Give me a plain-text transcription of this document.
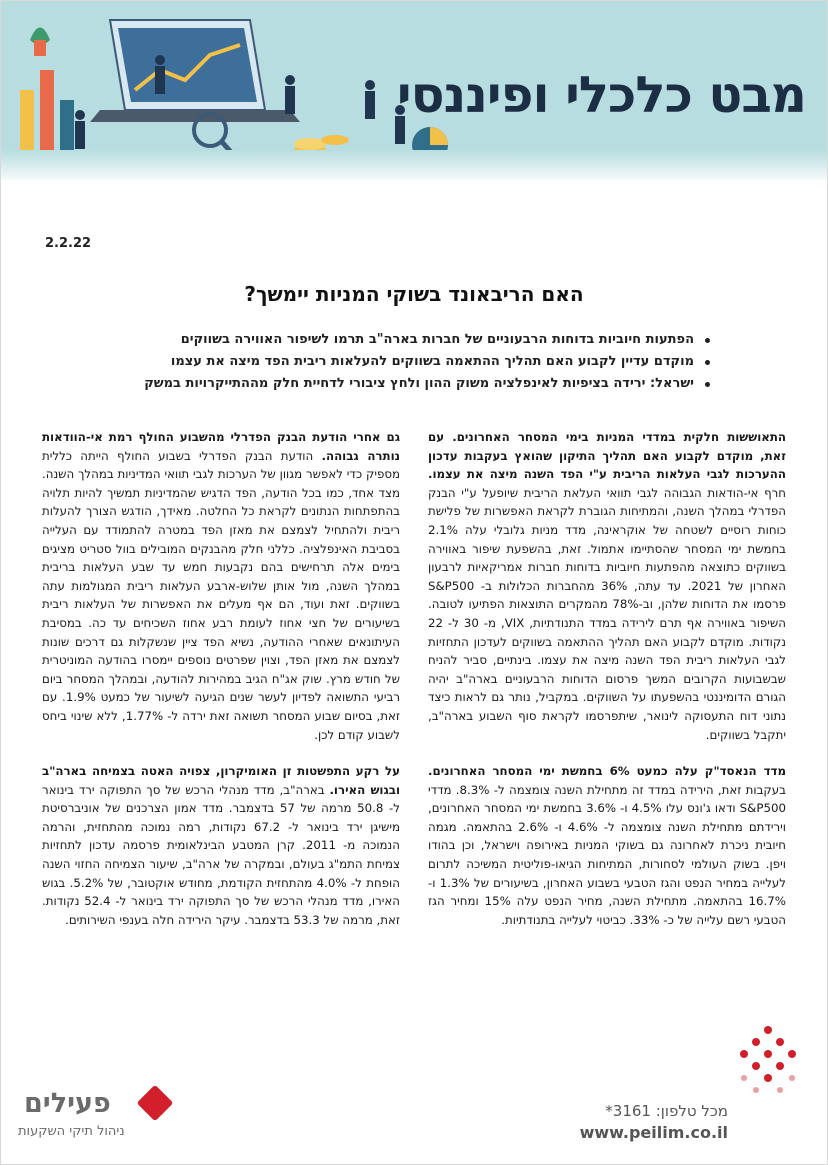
מבט כלכלי ופיננסי
2.2.22
האם הריבאונד בשוקי המניות יימשך?
הפתעות חיוביות בדוחות הרבעוניים של חברות בארה"ב תרמו לשיפור האווירה בשווקים
מוקדם עדיין לקבוע האם תהליך ההתאמה בשווקים להעלאות ריבית הפד מיצה את עצמו
ישראל: ירידה בציפיות לאינפלציה משוק ההון ולחץ ציבורי לדחיית חלק מההתייקרויות במשק

התאוששות חלקית במדדי המניות בימי המסחר האחרונים. עם זאת, מוקדם לקבוע האם תהליך התיקון שהואץ בעקבות עדכון ההערכות לגבי העלאות הריבית ע"י הפד השנה מיצה את עצמו. חרף אי-הודאות הגבוהה לגבי תוואי העלאת הריבית שיופעל ע"י הבנק הפדרלי במהלך השנה, והמתיחות הגוברת לקראת האפשרות של פלישת כוחות רוסיים לשטחה של אוקראינה, מדד מניות גלובלי עלה 2.1% בחמשת ימי המסחר שהסתיימו אתמול. זאת, בהשפעת שיפור באווירה בשווקים כתוצאה מהפתעות חיוביות בדוחות חברות אמריקאיות לרבעון האחרון של 2021. עד עתה, 36% מהחברות הכלולות ב- S&P500 פרסמו את הדוחות שלהן, וב-78% מהמקרים התוצאות הפתיעו לטובה. השיפור באווירה אף תרם לירידה במדד התנודתיות, VIX, מ- 30 ל- 22 נקודות. מוקדם לקבוע האם תהליך ההתאמה בשווקים לעדכון התחזיות לגבי העלאות ריבית הפד השנה מיצה את עצמו. בינתיים, סביר להניח שבשבועות הקרובים המשך פרסום הדוחות הרבעוניים בארה"ב יהיה הגורם הדומיננטי בהשפעתו על השווקים. במקביל, נותר גם לראות כיצד נתוני דוח התעסוקה לינואר, שיתפרסמו לקראת סוף השבוע בארה"ב, יתקבל בשווקים.

מדד הנאסד"ק עלה כמעט 6% בחמשת ימי המסחר האחרונים. בעקבות זאת, הירידה במדד זה מתחילת השנה צומצמה ל- 8.3%. מדדי S&P500 ודאו ג'ונס עלו 4.5% ו- 3.6% בחמשת ימי המסחר האחרונים, וירידתם מתחילת השנה צומצמה ל- 4.6% ו- 2.6% בהתאמה. מגמה חיובית ניכרת לאחרונה גם בשוקי המניות באירופה וישראל, וכן בהודו ויפן. בשוק העולמי לסחורות, המתיחות הגיאו-פוליטית המשיכה לתרום לעלייה במחיר הנפט והגז הטבעי בשבוע האחרון, בשיעורים של 1.3% ו- 16.7% בהתאמה. מתחילת השנה, מחיר הנפט עלה 15% ומחיר הגז הטבעי רשם עלייה של כ- 33%. כביטוי לעלייה בתנודתיות.

גם אחרי הודעת הבנק הפדרלי מהשבוע החולף רמת אי-הוודאות נותרה גבוהה. הודעת הבנק הפדרלי בשבוע החולף הייתה כללית מספיק כדי לאפשר מגוון של הערכות לגבי תוואי המדיניות במהלך השנה. מצד אחד, כמו בכל הודעה, הפד הדגיש שהמדיניות תמשיך להיות תלויה בהתפתחות הנתונים לקראת כל החלטה. מאידך, הודגש הצורך להעלות ריבית ולהתחיל לצמצם את מאזן הפד במטרה להתמודד עם העלייה בסביבת האינפלציה. כללני חלק מהבנקים המובילים בוול סטריט מציגים בימים אלה תרחישים בהם נקבעות חמש עד שבע העלאות בריבית במהלך השנה, מול אותן שלוש-ארבע העלאות ריבית המגולמות עתה בשווקים. זאת ועוד, הם אף מעלים את האפשרות של העלאות ריבית בשיעורים של חצי אחוז לעומת רבע אחוז השכיחים עד כה. במסיבת העיתונאים שאחרי ההודעה, נשיא הפד ציין שנשקלות גם דרכים שונות לצמצם את מאזן הפד, וצוין שפרטים נוספים יימסרו בהודעה המוניטרית של חודש מרץ. שוק אג"ח הגיב במהירות להודעה, ובמהלך המסחר ביום רביעי התשואה לפדיון לעשר שנים הגיעה לשיעור של כמעט 1.9%. עם זאת, בסיום שבוע המסחר תשואה זאת ירדה ל- 1.77%, ללא שינוי ביחס לשבוע קודם לכן.

על רקע התפשטות זן האומיקרון, צפויה האטה בצמיחה בארה"ב ובגוש האירו. בארה"ב, מדד מנהלי הרכש של סך התפוקה ירד בינואר ל- 50.8 מרמה של 57 בדצמבר. מדד אמון הצרכנים של אוניברסיטת מישיגן ירד בינואר ל- 67.2 נקודות, רמה נמוכה מהתחזית, והרמה הנמוכה מ- 2011. קרן המטבע הבינלאומית פרסמה עדכון לתחזיות צמיחת התמ"ג בעולם, ובמקרה של ארה"ב, שיעור הצמיחה החזוי השנה הופחת ל- 4.0% מהתחזית הקודמת, מחודש אוקטובר, של 5.2%. בגוש האירו, מדד מנהלי הרכש של סך התפוקה ירד בינואר ל- 52.4 נקודות. זאת, מרמה של 53.3 בדצמבר. עיקר הירידה חלה בענפי השירותים.

פעילים
ניהול תיקי השקעות
מכל טלפון: 3161*
www.peilim.co.il
